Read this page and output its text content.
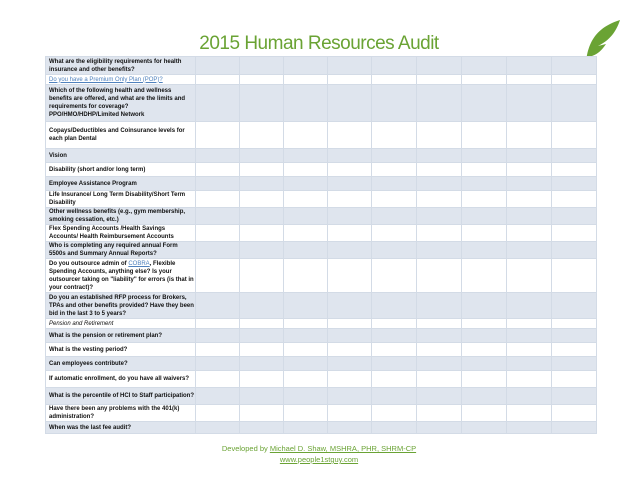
2015 Human Resources Audit
What are the eligibility requirements for health insurance and other benefits?									
Do you have a Premium Only Plan (POP)?									
Which of the following health and wellness benefits are offered, and what are the limits and requirements for coverage? PPO/HMO/HDHP/Limited Network									
Copays/Deductibles and Coinsurance levels for each plan Dental									
Vision									
Disability (short and/or long term)									
Employee Assistance Program									
Life Insurance/ Long Term Disability/Short Term Disability									
Other wellness benefits (e.g., gym membership, smoking cessation, etc.)									
Flex Spending Accounts /Health Savings Accounts/ Health Reimbursement Accounts									
Who is completing any required annual Form 5500s and Summary Annual Reports?									
Do you outsource admin of COBRA, Flexible Spending Accounts, anything else? Is your outsourcer taking on "liability" for errors (is that in your contract)?									
Do you an established RFP process for Brokers, TPAs and other benefits provided? Have they been bid in the last 3 to 5 years?									
Pension and Retirement									
What is the pension or retirement plan?									
What is the vesting period?									
Can employees contribute?									
If automatic enrollment, do you have all waivers?									
What is the percentile of HCI to Staff participation?									
Have there been any problems with the 401(k) administration?									
When was the last fee audit?									
Developed by Michael D. Shaw, MSHRA, PHR, SHRM-CP
www.people1stguy.com
